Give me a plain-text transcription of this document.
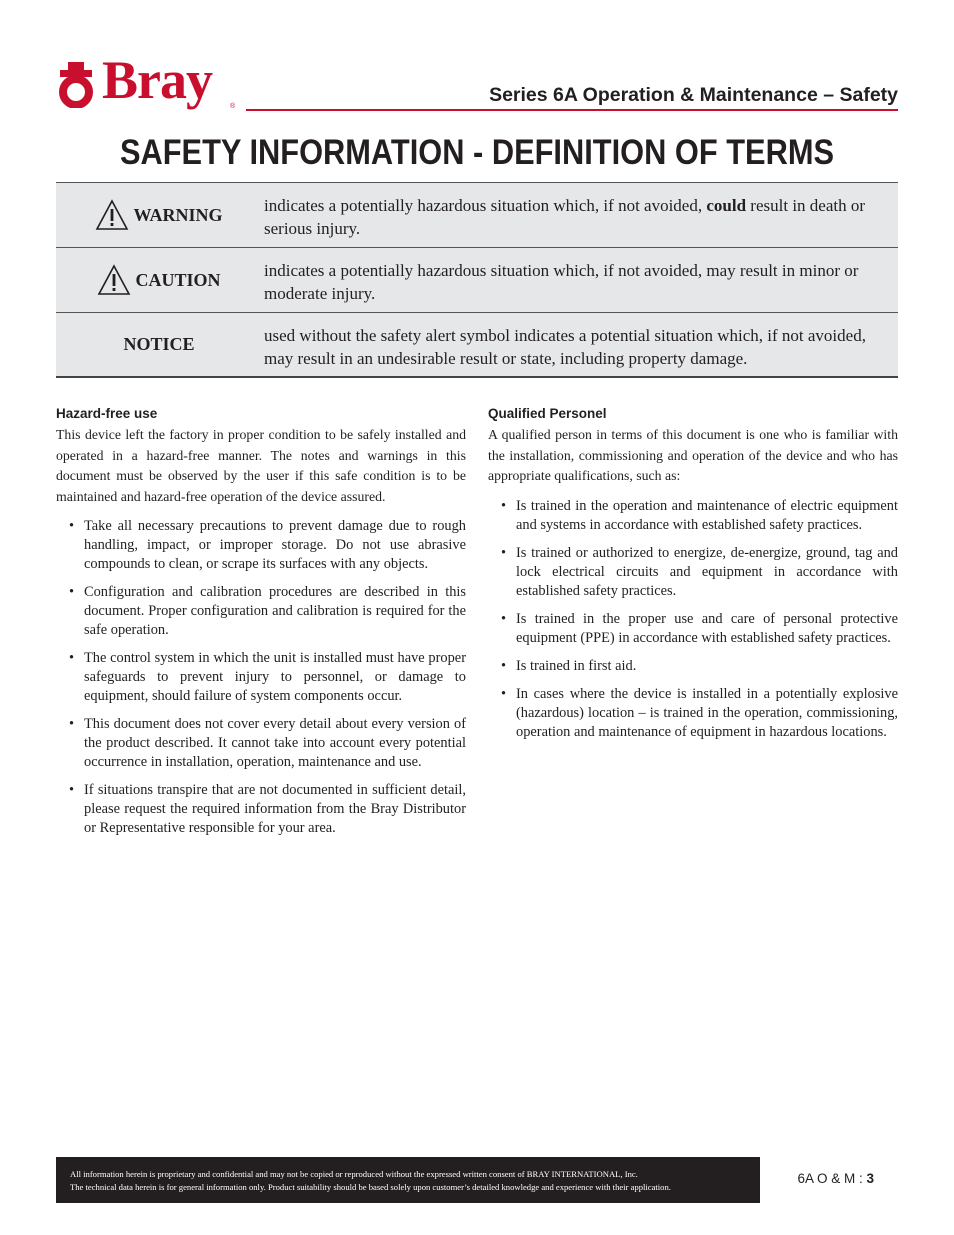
Bray	®
Series 6A Operation & Maintenance – Safety
SAFETY INFORMATION - DEFINITION OF TERMS
WARNING indicates a potentially hazardous situation which, if not avoided, could result in death or serious injury.
CAUTION	indicates a potentially hazardous situation which, if not avoided, may result in minor or moderate injury.
NOTICE	used without the safety alert symbol indicates a potential situation which, if not avoided, may result in an undesirable result or state, including property damage.
Hazard-free use

This device left the factory in proper condition to be safely installed and operated in a hazard-free manner. The notes and warnings in this document must be observed by the user if this safe condition is to be maintained and hazard-free operation of the device assured.

• Take all necessary precautions to prevent damage due to rough handling, impact, or improper storage. Do not use abrasive compounds to clean, or scrape its surfaces with any objects.
• Configuration and calibration procedures are described in this document. Proper configuration and calibration is required for the safe operation.
• The control system in which the unit is installed must have proper safeguards to prevent injury to personnel, or damage to equipment, should failure of system components occur.
• This document does not cover every detail about every version of the product described. It cannot take into account every potential occurrence in installation, operation, maintenance and use.
• If situations transpire that are not documented in sufficient detail, please request the required information from the Bray Distributor or Representative responsible for your area.
Qualified Personel

A qualified person in terms of this document is one who is familiar with the installation, commissioning and operation of the device and who has appropriate qualifications, such as:

• Is trained in the operation and maintenance of electric equipment and systems in accordance with established safety practices.
• Is trained or authorized to energize, de-energize, ground, tag and lock electrical circuits and equipment in accordance with established safety practices.
• Is trained in the proper use and care of personal protective equipment (PPE) in accordance with established safety practices.
• Is trained in first aid.
• In cases where the device is installed in a potentially explosive (hazardous) location – is trained in the operation, commissioning, operation and maintenance of equipment in hazardous locations.
All information herein is proprietary and confidential and may not be copied or reproduced without the expressed written consent of BRAY INTERNATIONAL, Inc.
The technical data herein is for general information only. Product suitability should be based solely upon customer’s detailed knowledge and experience with their application.
6A O & M : 3
